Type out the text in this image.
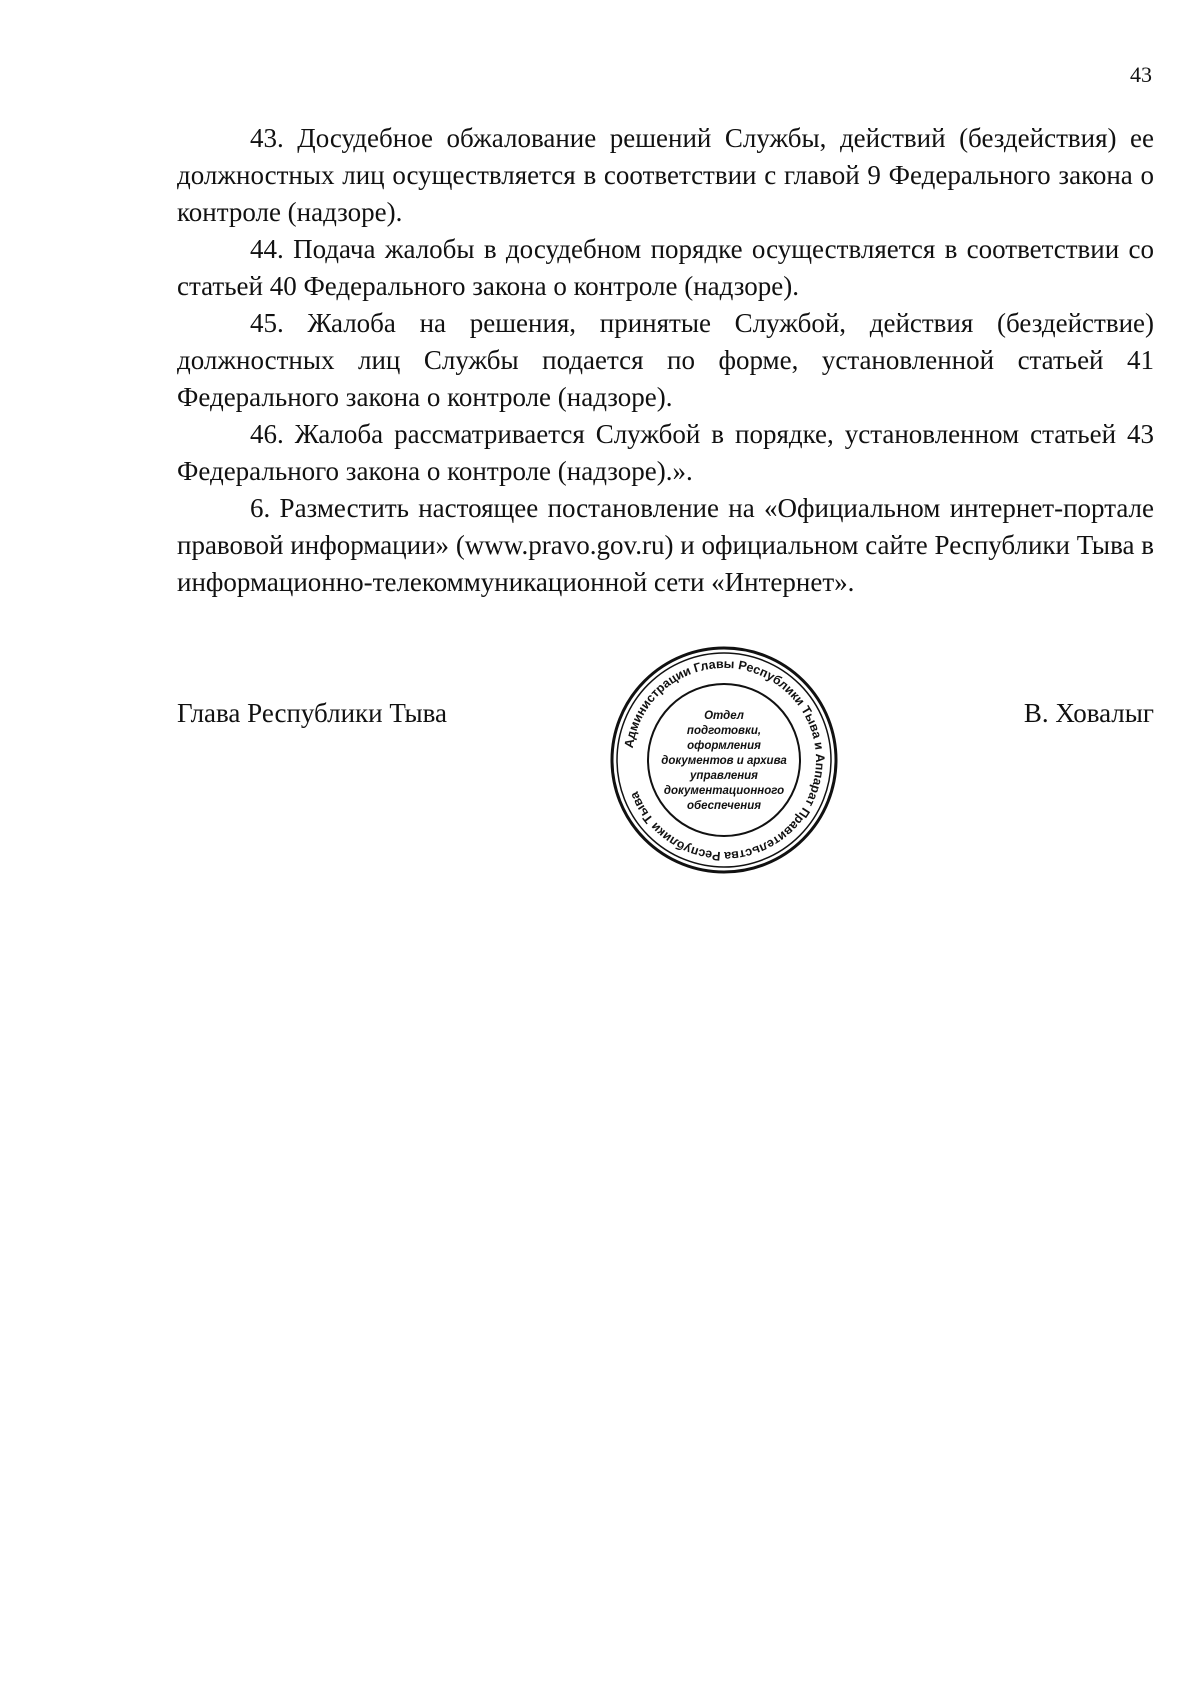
43

43. Досудебное обжалование решений Службы, действий (бездействия) ее должностных лиц осуществляется в соответствии с главой 9 Федерального закона о контроле (надзоре).

44. Подача жалобы в досудебном порядке осуществляется в соответствии со статьей 40 Федерального закона о контроле (надзоре).

45. Жалоба на решения, принятые Службой, действия (бездействие) должностных лиц Службы подается по форме, установленной статьей 41 Федерального закона о контроле (надзоре).

46. Жалоба рассматривается Службой в порядке, установленном статьей 43 Федерального закона о контроле (надзоре).».

6. Разместить настоящее постановление на «Официальном интернет-портале правовой информации» (www.pravo.gov.ru) и официальном сайте Республики Тыва в информационно-телекоммуникационной сети «Интернет».

Глава Республики Тыва
Администрации Главы Республики Тыва и Аппарат Правительства Республики Тыва
Отдел
подготовки,
оформления
документов и архива
управления
документационного
обеспечения
В. Ховалыг
